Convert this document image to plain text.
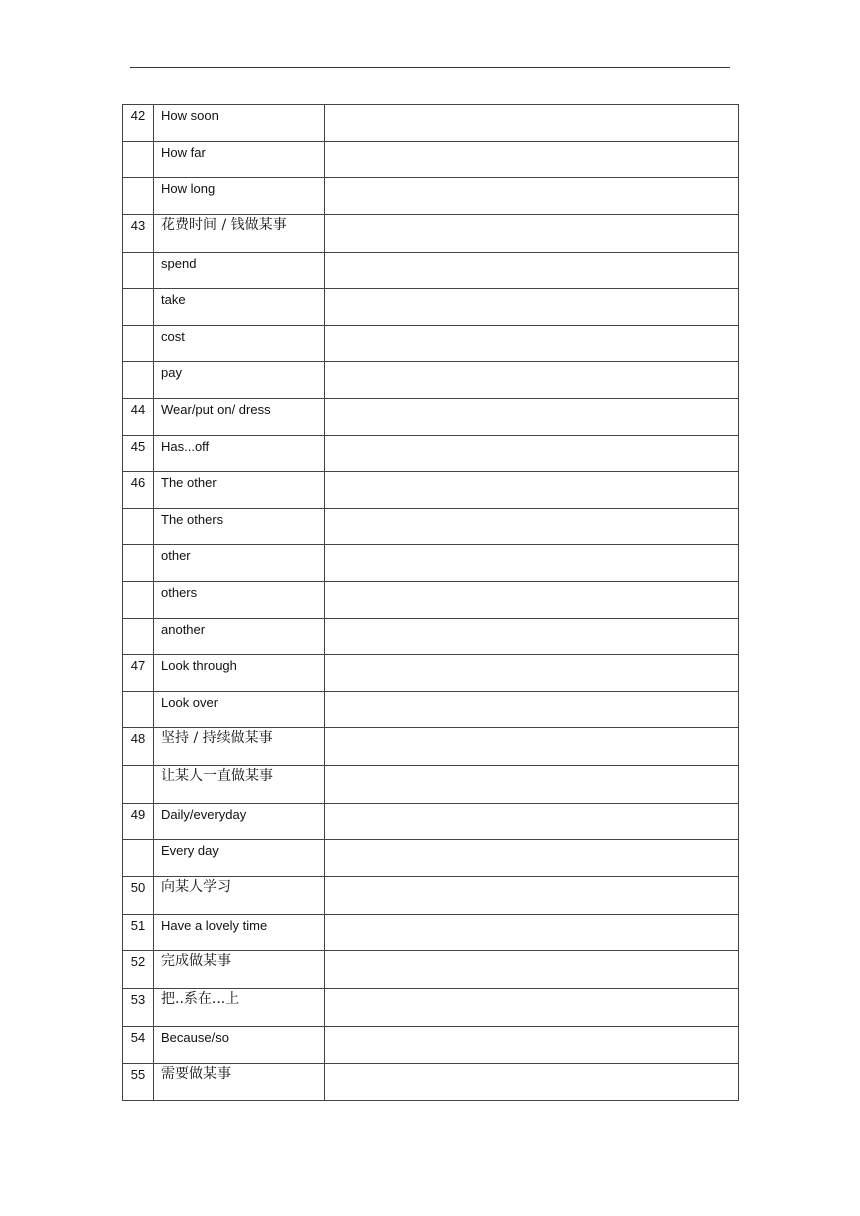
42	How soon	
	How far	
	How long	
43	花费时间 / 钱做某事	
	spend	
	take	
	cost	
	pay	
44	Wear/put on/ dress	
45	Has...off	
46	The other	
	The others	
	other	
	others	
	another	
47	Look through	
	Look over	
48	坚持 / 持续做某事	
	让某人一直做某事	
49	Daily/everyday	
	Every day	
50	向某人学习	
51	Have a lovely time	
52	完成做某事	
53	把..系在...上	
54	Because/so	
55	需要做某事	
